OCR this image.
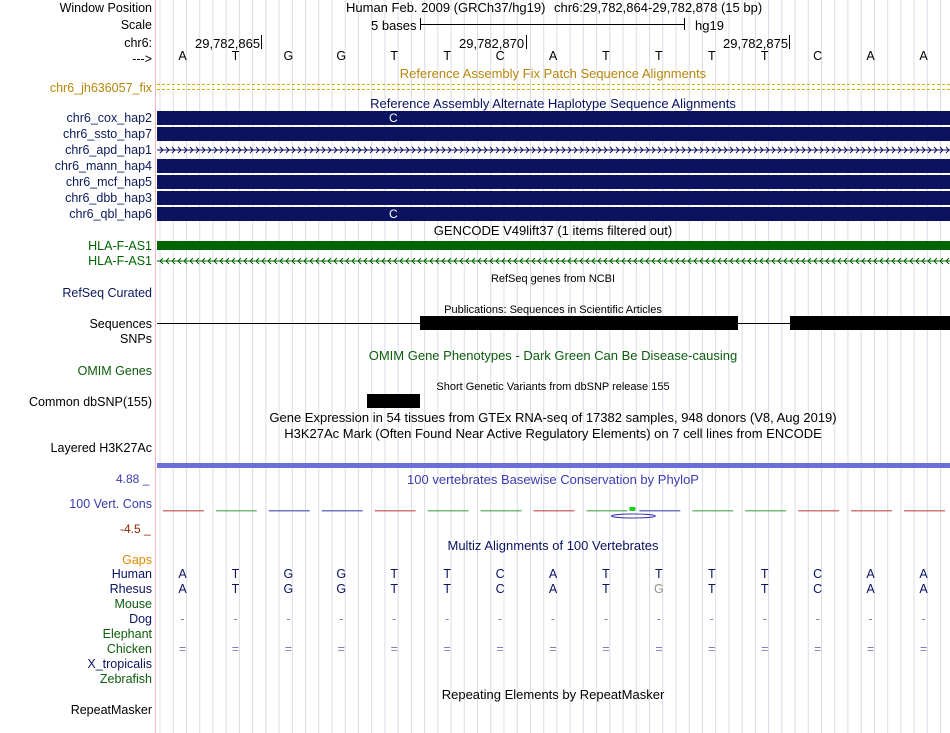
Window Position
Scale
chr6:
--->
Human Feb. 2009 (GRCh37/hg19) chr6:29,782,864-29,782,878 (15 bp)
5 bases	hg19
29,782,865	29,782,870	29,782,875
A	T	G	G	T	T	C	A	T	T	T	T	C	A	A
Reference Assembly Fix Patch Sequence Alignments
chr6_jh636057_fix
Reference Assembly Alternate Haplotype Sequence Alignments
chr6_cox_hap2	C
chr6_ssto_hap7
chr6_apd_hap1
chr6_mann_hap4
chr6_mcf_hap5
chr6_dbb_hap3
chr6_qbl_hap6	C
GENCODE V49lift37 (1 items filtered out)
HLA-F-AS1
HLA-F-AS1
RefSeq genes from NCBI
RefSeq Curated
Publications: Sequences in Scientific Articles
Sequences
SNPs
OMIM Gene Phenotypes - Dark Green Can Be Disease-causing
OMIM Genes
Short Genetic Variants from dbSNP release 155
Common dbSNP(155)
Gene Expression in 54 tissues from GTEx RNA-seq of 17382 samples, 948 donors (V8, Aug 2019)
H3K27Ac Mark (Often Found Near Active Regulatory Elements) on 7 cell lines from ENCODE
Layered H3K27Ac
4.88 _	100 vertebrates Basewise Conservation by PhyloP
100 Vert. Cons
-4.5 _
Multiz Alignments of 100 Vertebrates
Gaps
Human	A	T	G	G	T	T	C	A	T	T	T	T	C	A	A
Rhesus	A	T	G	G	T	T	C	A	T	G	T	T	C	A	A
Mouse
Dog	-	-	-	-	-	-	-	-	-	-	-	-	-	-	-
Elephant
Chicken	=	=	=	=	=	=	=	=	=	=	=	=	=	=	=
X_tropicalis
Zebrafish
Repeating Elements by RepeatMasker
RepeatMasker
